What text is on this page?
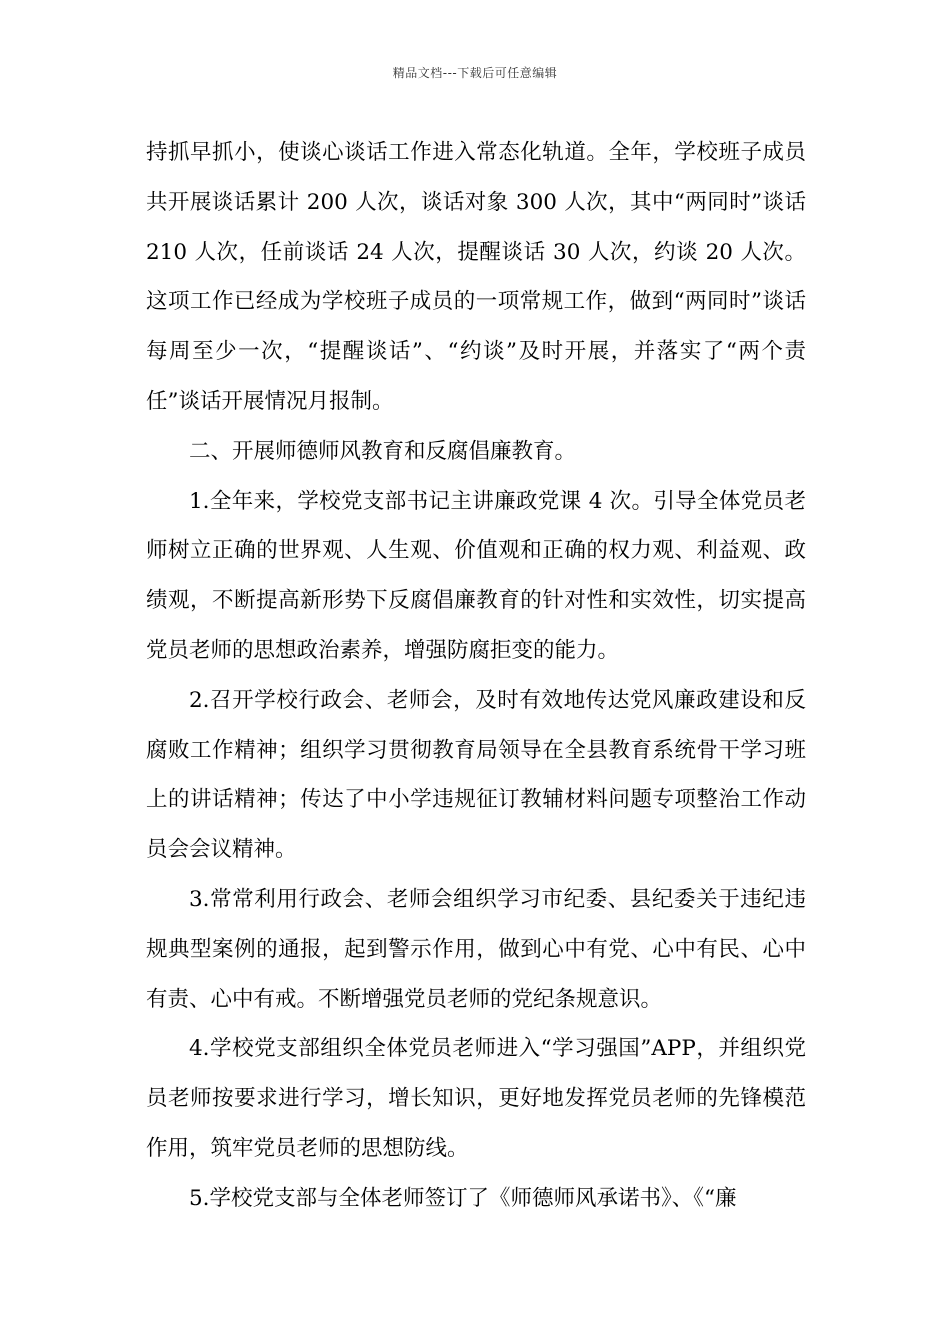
精品文档---下载后可任意编辑

持抓早抓小，使谈心谈话工作进入常态化轨道。全年，学校班子成员共开展谈话累计 200 人次，谈话对象 300 人次，其中“两同时”谈话 210 人次，任前谈话 24 人次，提醒谈话 30 人次，约谈 20 人次。这项工作已经成为学校班子成员的一项常规工作，做到“两同时”谈话每周至少一次，“提醒谈话”、“约谈”及时开展，并落实了“两个责任”谈话开展情况月报制。

二、开展师德师风教育和反腐倡廉教育。

1.全年来，学校党支部书记主讲廉政党课 4 次。引导全体党员老师树立正确的世界观、人生观、价值观和正确的权力观、利益观、政绩观，不断提高新形势下反腐倡廉教育的针对性和实效性，切实提高党员老师的思想政治素养，增强防腐拒变的能力。

2.召开学校行政会、老师会，及时有效地传达党风廉政建设和反腐败工作精神；组织学习贯彻教育局领导在全县教育系统骨干学习班上的讲话精神；传达了中小学违规征订教辅材料问题专项整治工作动员会会议精神。

3.常常利用行政会、老师会组织学习市纪委、县纪委关于违纪违规典型案例的通报，起到警示作用，做到心中有党、心中有民、心中有责、心中有戒。不断增强党员老师的党纪条规意识。

4.学校党支部组织全体党员老师进入“学习强国”APP，并组织党员老师按要求进行学习，增长知识，更好地发挥党员老师的先锋模范作用，筑牢党员老师的思想防线。

5.学校党支部与全体老师签订了《师德师风承诺书》、《“廉
